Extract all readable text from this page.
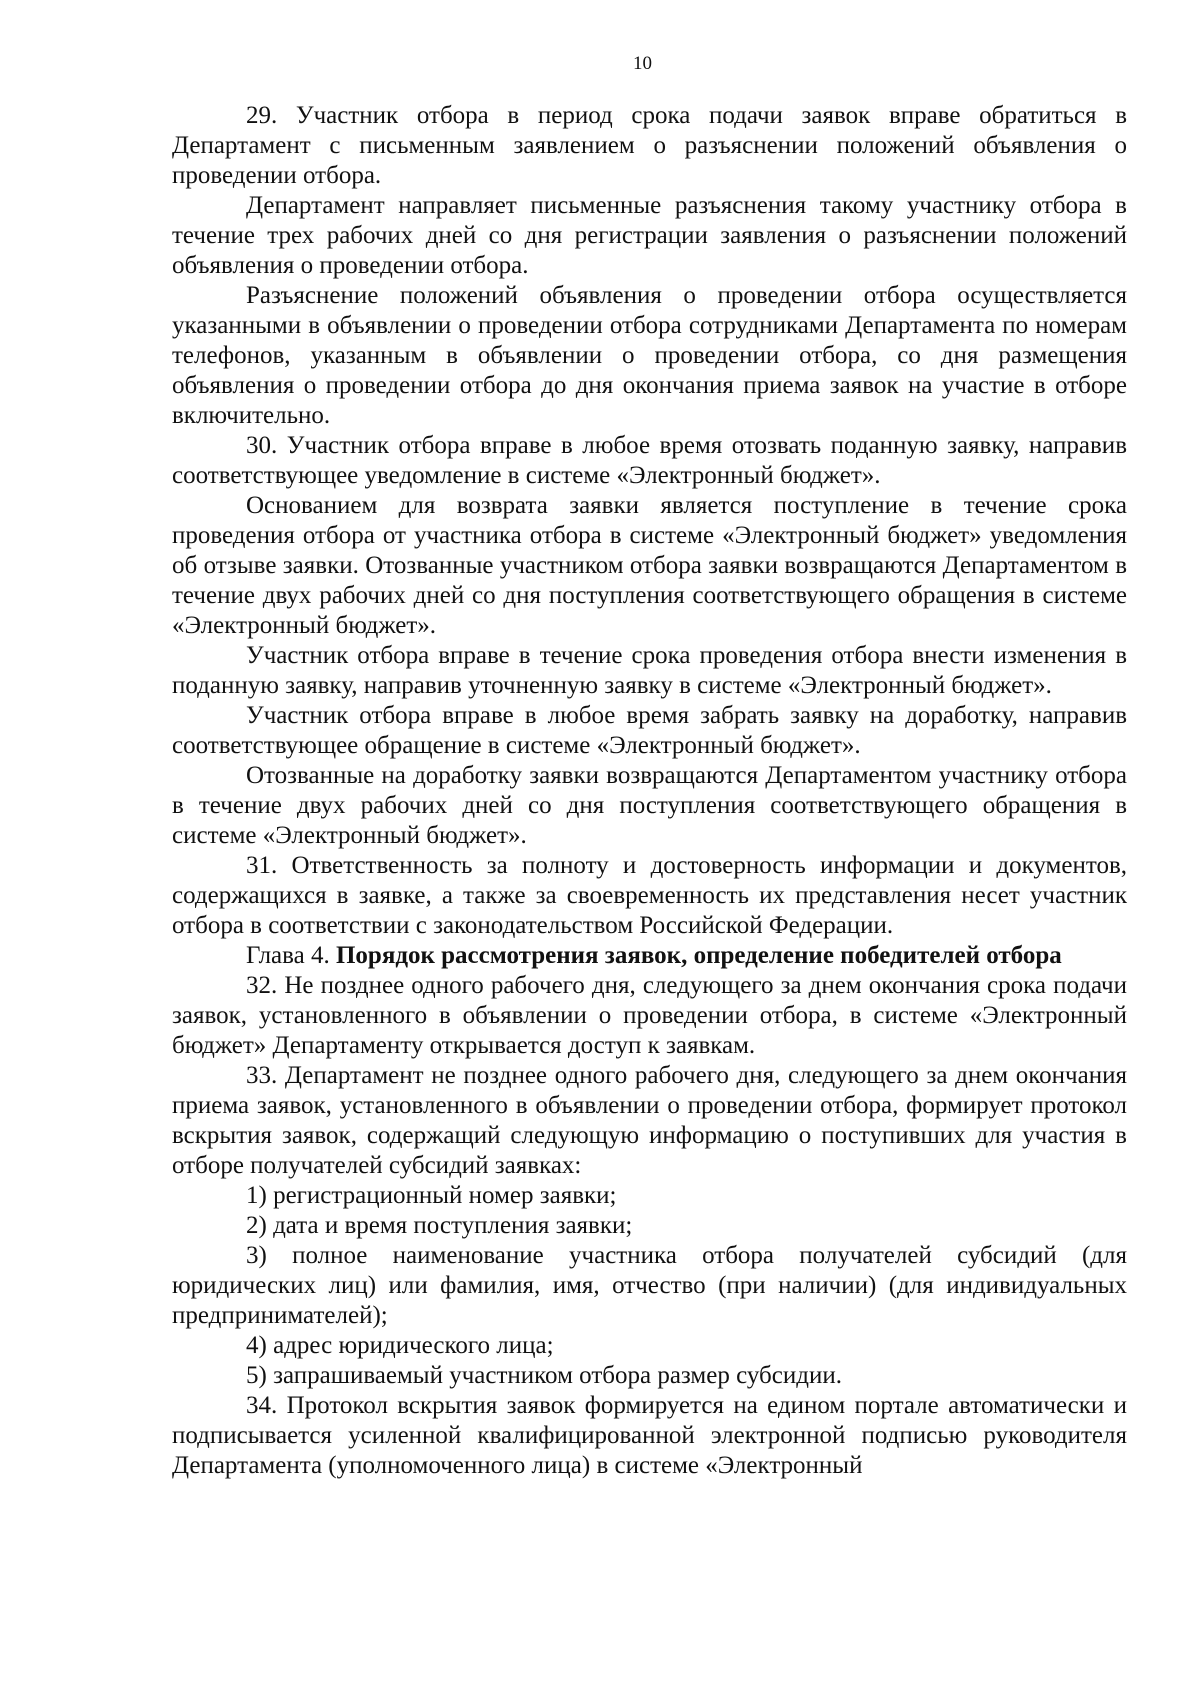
10

29. Участник отбора в период срока подачи заявок вправе обратиться в Департамент с письменным заявлением о разъяснении положений объявления о проведении отбора.

Департамент направляет письменные разъяснения такому участнику отбора в течение трех рабочих дней со дня регистрации заявления о разъяснении положений объявления о проведении отбора.

Разъяснение положений объявления о проведении отбора осуществляется указанными в объявлении о проведении отбора сотрудниками Департамента по номерам телефонов, указанным в объявлении о проведении отбора, со дня размещения объявления о проведении отбора до дня окончания приема заявок на участие в отборе включительно.

30. Участник отбора вправе в любое время отозвать поданную заявку, направив соответствующее уведомление в системе «Электронный бюджет».

Основанием для возврата заявки является поступление в течение срока проведения отбора от участника отбора в системе «Электронный бюджет» уведомления об отзыве заявки. Отозванные участником отбора заявки возвращаются Департаментом в течение двух рабочих дней со дня поступления соответствующего обращения в системе «Электронный бюджет».

Участник отбора вправе в течение срока проведения отбора внести изменения в поданную заявку, направив уточненную заявку в системе «Электронный бюджет».

Участник отбора вправе в любое время забрать заявку на доработку, направив соответствующее обращение в системе «Электронный бюджет».

Отозванные на доработку заявки возвращаются Департаментом участнику отбора в течение двух рабочих дней со дня поступления соответствующего обращения в системе «Электронный бюджет».

31. Ответственность за полноту и достоверность информации и документов, содержащихся в заявке, а также за своевременность их представления несет участник отбора в соответствии с законодательством Российской Федерации.

Глава 4. Порядок рассмотрения заявок, определение победителей отбора

32. Не позднее одного рабочего дня, следующего за днем окончания срока подачи заявок, установленного в объявлении о проведении отбора, в системе «Электронный бюджет» Департаменту открывается доступ к заявкам.

33. Департамент не позднее одного рабочего дня, следующего за днем окончания приема заявок, установленного в объявлении о проведении отбора, формирует протокол вскрытия заявок, содержащий следующую информацию о поступивших для участия в отборе получателей субсидий заявках:

1) регистрационный номер заявки;

2) дата и время поступления заявки;

3) полное наименование участника отбора получателей субсидий (для юридических лиц) или фамилия, имя, отчество (при наличии) (для индивидуальных предпринимателей);

4) адрес юридического лица;

5) запрашиваемый участником отбора размер субсидии.

34. Протокол вскрытия заявок формируется на едином портале автоматически и подписывается усиленной квалифицированной электронной подписью руководителя Департамента (уполномоченного лица) в системе «Электронный
